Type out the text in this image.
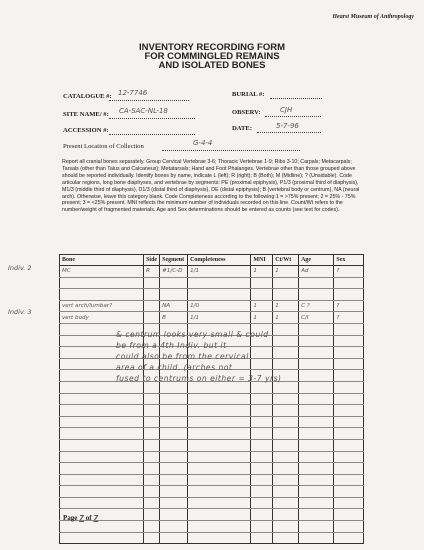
Hearst Museum of Anthropology
INVENTORY RECORDING FORM
FOR COMMINGLED REMAINS
AND ISOLATED BONES
CATALOGUE #: 12-7746	BURIAL #:
SITE NAME/ #: CA-SAC-NL-18	OBSERV:	CJH
ACCESSION #:	DATE:	5-7-96
Present Location of Collection	G-4-4
Report all cranial bones separately. Group Cervical Vertebrae 3-6; Thoracic Vertebrae 1-9; Ribs 3-10; Carpals; Metacarpals; Tarsals (other than Talus and Calcaneus); Metatarsals; Hand and Foot Phalanges. Vertebrae other than those grouped above should be reported individually. Identify bones by name, indicate L (left); R (right); B (Both); M (Midline); ? (Unsidable). Code articular regions, long bone diaphyses, and vertebrae by segments: PE (proximal epiphysis), P1/3 (proximal third of diaphysis), M1/3 (middle third of diaphysis), D1/3 (distal third of diaphysis), DE (distal epiphysis); B (vertebral body or centrum), NA (neural arch). Otherwise, leave this category blank. Code Completeness according to the following:1 = >75% present; 2 = 25% - 75% present; 3 = <25% present. MNI reflects the minimum number of individuals recorded on this line. Count/Wt refers to the number/weight of fragmented materials. Age and Sex determinations should be entered as counts (see text for codes).
Indiv. 2
Indiv. 3
Bone	Side	Segment	Completeness	MNI	Ct/Wt	Age	Sex
MC	R	#1/C-D	1/1	1	1	Ad	?

vert arch/lumbar?		NA	1/0	1	1	C ?	?
vert body		B	1/1	1	1	C/I	?

& centrum looks very small & could
be from a 4th Indiv. but it
could also be from the cervical
area of a child. (arches not
fused to centrums on either = 3-7 yrs)
Page 7 of 7
